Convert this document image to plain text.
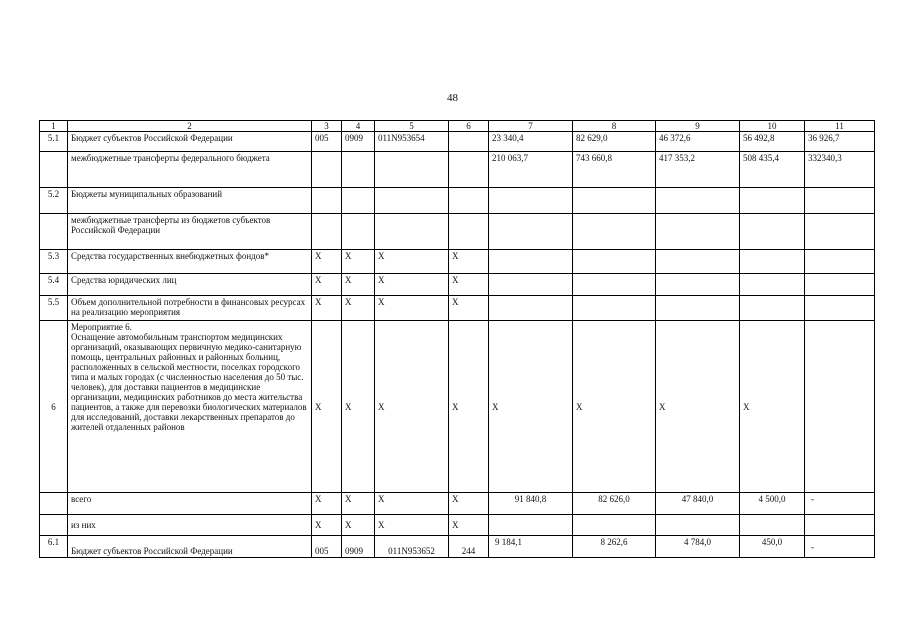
48
1	2	3	4	5	6	7	8	9	10	11
5.1	Бюджет субъектов Российской Федерации	005	0909	011N953654		23 340,4	82 629,0	46 372,6	56 492,8	36 926,7
	межбюджетные трансферты федерального бюджета					210 063,7	743 660,8	417 353,2	508 435,4	332340,3
5.2	Бюджеты муниципальных образований									
	межбюджетные трансферты из бюджетов субъектов Российской Федерации									
5.3	Средства государственных внебюджетных фондов*	X	X	X	X					
5.4	Средства юридических лиц	X	X	X	X					
5.5	Объем дополнительной потребности в финансовых ресурсах на реализацию мероприятия	X	X	X	X					
6	Мероприятие 6.
Оснащение автомобильным транспортом медицинских организаций, оказывающих первичную медико-санитарную помощь, центральных районных и районных больниц, расположенных в сельской местности, поселках городского типа и малых городах (с численностью населения до 50 тыс. человек), для доставки пациентов в медицинские организации, медицинских работников до места жительства пациентов, а также для перевозки биологических материалов для исследований, доставки лекарственных препаратов до жителей отдаленных районов	X	X	X	X	X	X	X	X	
	всего	X	X	X	X	91 840,8	82 626,0	47 840,0	4 500,0	-
	из них	X	X	X	X					
6.1	Бюджет субъектов Российской Федерации	005	0909	011N953652	244	9 184,1	8 262,6	4 784,0	450,0	-
